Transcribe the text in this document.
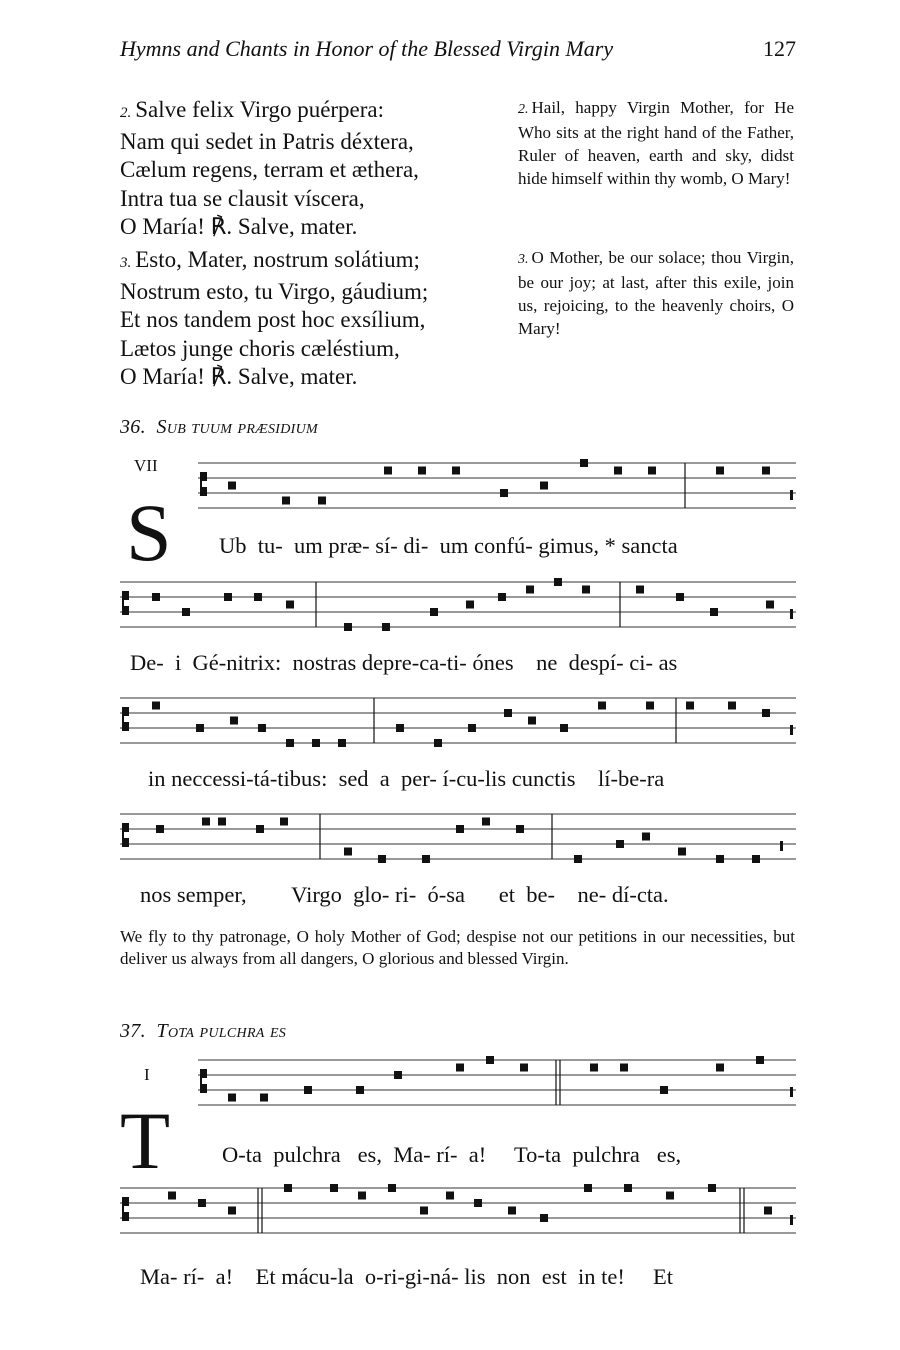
Hymns and Chants in Honor of the Blessed Virgin Mary	127
2. Salve felix Virgo puérpera:
Nam qui sedet in Patris déxtera,
Cælum regens, terram et æthera,
Intra tua se clausit víscera,
O María! ℟. Salve, mater.
2. Hail, happy Virgin Mother, for He Who sits at the right hand of the Father, Ruler of heaven, earth and sky, didst hide himself within thy womb, O Mary!
3. Esto, Mater, nostrum solátium;
Nostrum esto, tu Virgo, gáudium;
Et nos tandem post hoc exsílium,
Lætos junge choris cæléstium,
O María! ℟. Salve, mater.
3. O Mother, be our solace; thou Virgin, be our joy; at last, after this exile, join us, rejoicing, to the heavenly choirs, O Mary!
36. Sub tuum præsidium
VII
S Ub  tu-  um præ- sí- di-  um confú- gimus, * sancta
De-  i  Gé-nitrix:  nostras depre-ca-ti- ónes    ne  despí- ci- as
in neccessi-tá-tibus:  sed  a  per- í-cu-lis cunctis    lí-be-ra
nos semper,        Virgo  glo- ri-  ó-sa      et  be-    ne- dí-cta.
We fly to thy patronage, O holy Mother of God; despise not our petitions in our necessities, but deliver us always from all dangers, O glorious and blessed Virgin.
37. Tota pulchra es
I
T O-ta  pulchra   es,  Ma- rí-  a!     To-ta  pulchra   es,
Ma- rí-  a!    Et mácu-la  o-ri-gi-ná- lis  non  est  in te!     Et
